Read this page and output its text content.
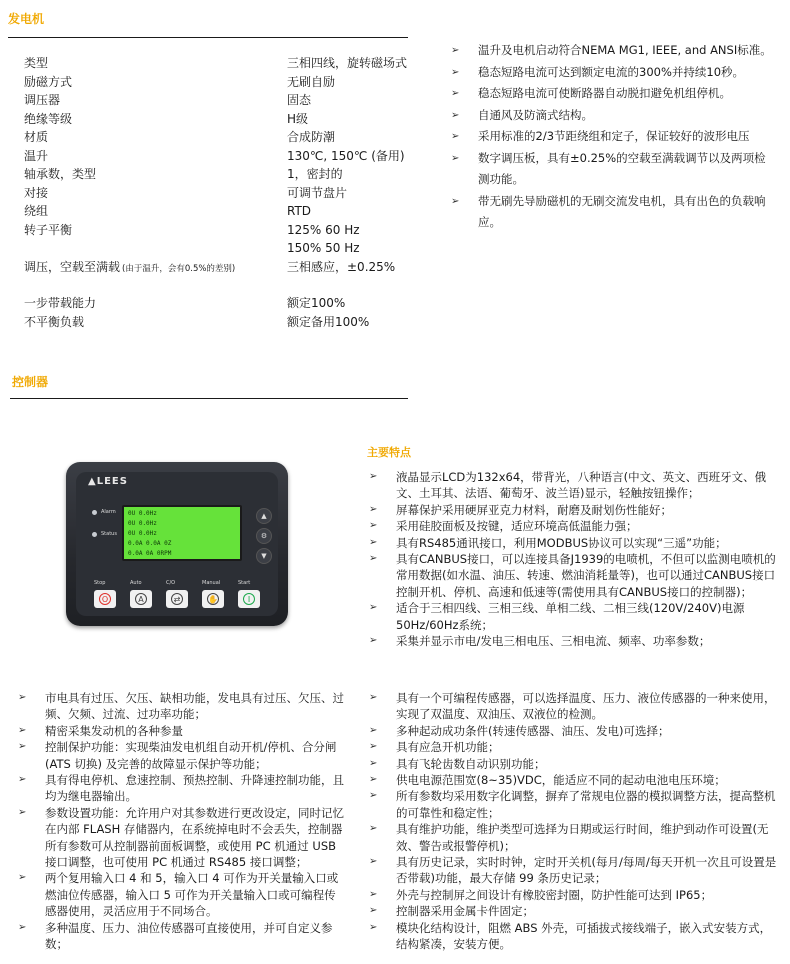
发电机
控制器
主要特点
类型	三相四线，旋转磁场式
励磁方式	无刷自励
调压器	固态
绝缘等级	H级
材质	合成防潮
温升	130℃, 150℃ (备用)
轴承数，类型	1，密封的
对接	可调节盘片
绕组	RTD
转子平衡	125% 60 Hz
150% 50 Hz
调压，空载至满载 (由于温升，会有0.5%的差别)	三相感应，±0.25%
一步带载能力	额定100%
不平衡负载	额定备用100%
➢ 温升及电机启动符合NEMA MG1, IEEE, and ANSI标准。
➢ 稳态短路电流可达到额定电流的300%并持续10秒。
➢ 稳态短路电流可使断路器自动脱扣避免机组停机。
➢ 自通风及防滴式结构。
➢ 采用标准的2/3节距绕组和定子，保证较好的波形电压
➢ 数字调压板，具有±0.25%的空载至满载调节以及两项检测功能。
➢ 带无刷先导励磁机的无刷交流发电机，具有出色的负载响应。
▲LEES
Alarm
Status
0U 0.0Hz
0U 0.0Hz
0U 0.0Hz
0.0A 0.0A 0Z
0.0A 0A 0RPM
▲
⚙
▼
Stop
O
Auto
A
C/O
⇄
Manual
✋
Start
I
➢ 液晶显示LCD为132x64，带背光，八种语言(中文、英文、西班牙文、俄文、土耳其、法语、葡萄牙、波兰语)显示，轻触按钮操作；
➢ 屏幕保护采用硬屏亚克力材料，耐磨及耐划伤性能好；
➢ 采用硅胶面板及按键，适应环境高低温能力强；
➢ 具有RS485通讯接口，利用MODBUS协议可以实现“三遥”功能；
➢ 具有CANBUS接口，可以连接具备J1939的电喷机，不但可以监测电喷机的常用数据(如水温、油压、转速、燃油消耗量等)，也可以通过CANBUS接口控制开机、停机、高速和低速等(需使用具有CANBUS接口的控制器)；
➢ 适合于三相四线、三相三线、单相二线、二相三线(120V/240V)电源50Hz/60Hz系统；
➢ 采集并显示市电/发电三相电压、三相电流、频率、功率参数；
➢ 市电具有过压、欠压、缺相功能，发电具有过压、欠压、过频、欠频、过流、过功率功能；
➢ 精密采集发动机的各种参量
➢ 控制保护功能：实现柴油发电机组自动开机/停机、合分闸(ATS 切换) 及完善的故障显示保护等功能；
➢ 具有得电停机、怠速控制、预热控制、升降速控制功能，且均为继电器输出。
➢ 参数设置功能：允许用户对其参数进行更改设定，同时记忆在内部 FLASH 存储器内，在系统掉电时不会丢失，控制器所有参数可从控制器前面板调整，或使用 PC 机通过 USB 接口调整，也可使用 PC 机通过 RS485 接口调整；
➢ 两个复用输入口 4 和 5，输入口 4 可作为开关量输入口或燃油位传感器，输入口 5 可作为开关量输入口或可编程传感器使用，灵活应用于不同场合。
➢ 多种温度、压力、油位传感器可直接使用，并可自定义参数；
➢ 具有一个可编程传感器，可以选择温度、压力、液位传感器的一种来使用，实现了双温度、双油压、双液位的检测。
➢ 多种起动成功条件(转速传感器、油压、发电)可选择；
➢ 具有应急开机功能；
➢ 具有飞轮齿数自动识别功能；
➢ 供电电源范围宽(8~35)VDC，能适应不同的起动电池电压环境；
➢ 所有参数均采用数字化调整，摒弃了常规电位器的模拟调整方法，提高整机的可靠性和稳定性；
➢ 具有维护功能，维护类型可选择为日期或运行时间，维护到动作可设置(无效、警告或报警停机)；
➢ 具有历史记录，实时时钟，定时开关机(每月/每周/每天开机一次且可设置是否带载)功能，最大存储 99 条历史记录；
➢ 外壳与控制屏之间设计有橡胶密封圈，防护性能可达到 IP65；
➢ 控制器采用金属卡件固定；
➢ 模块化结构设计，阻燃 ABS 外壳，可插拔式接线端子，嵌入式安装方式，结构紧凑，安装方便。
